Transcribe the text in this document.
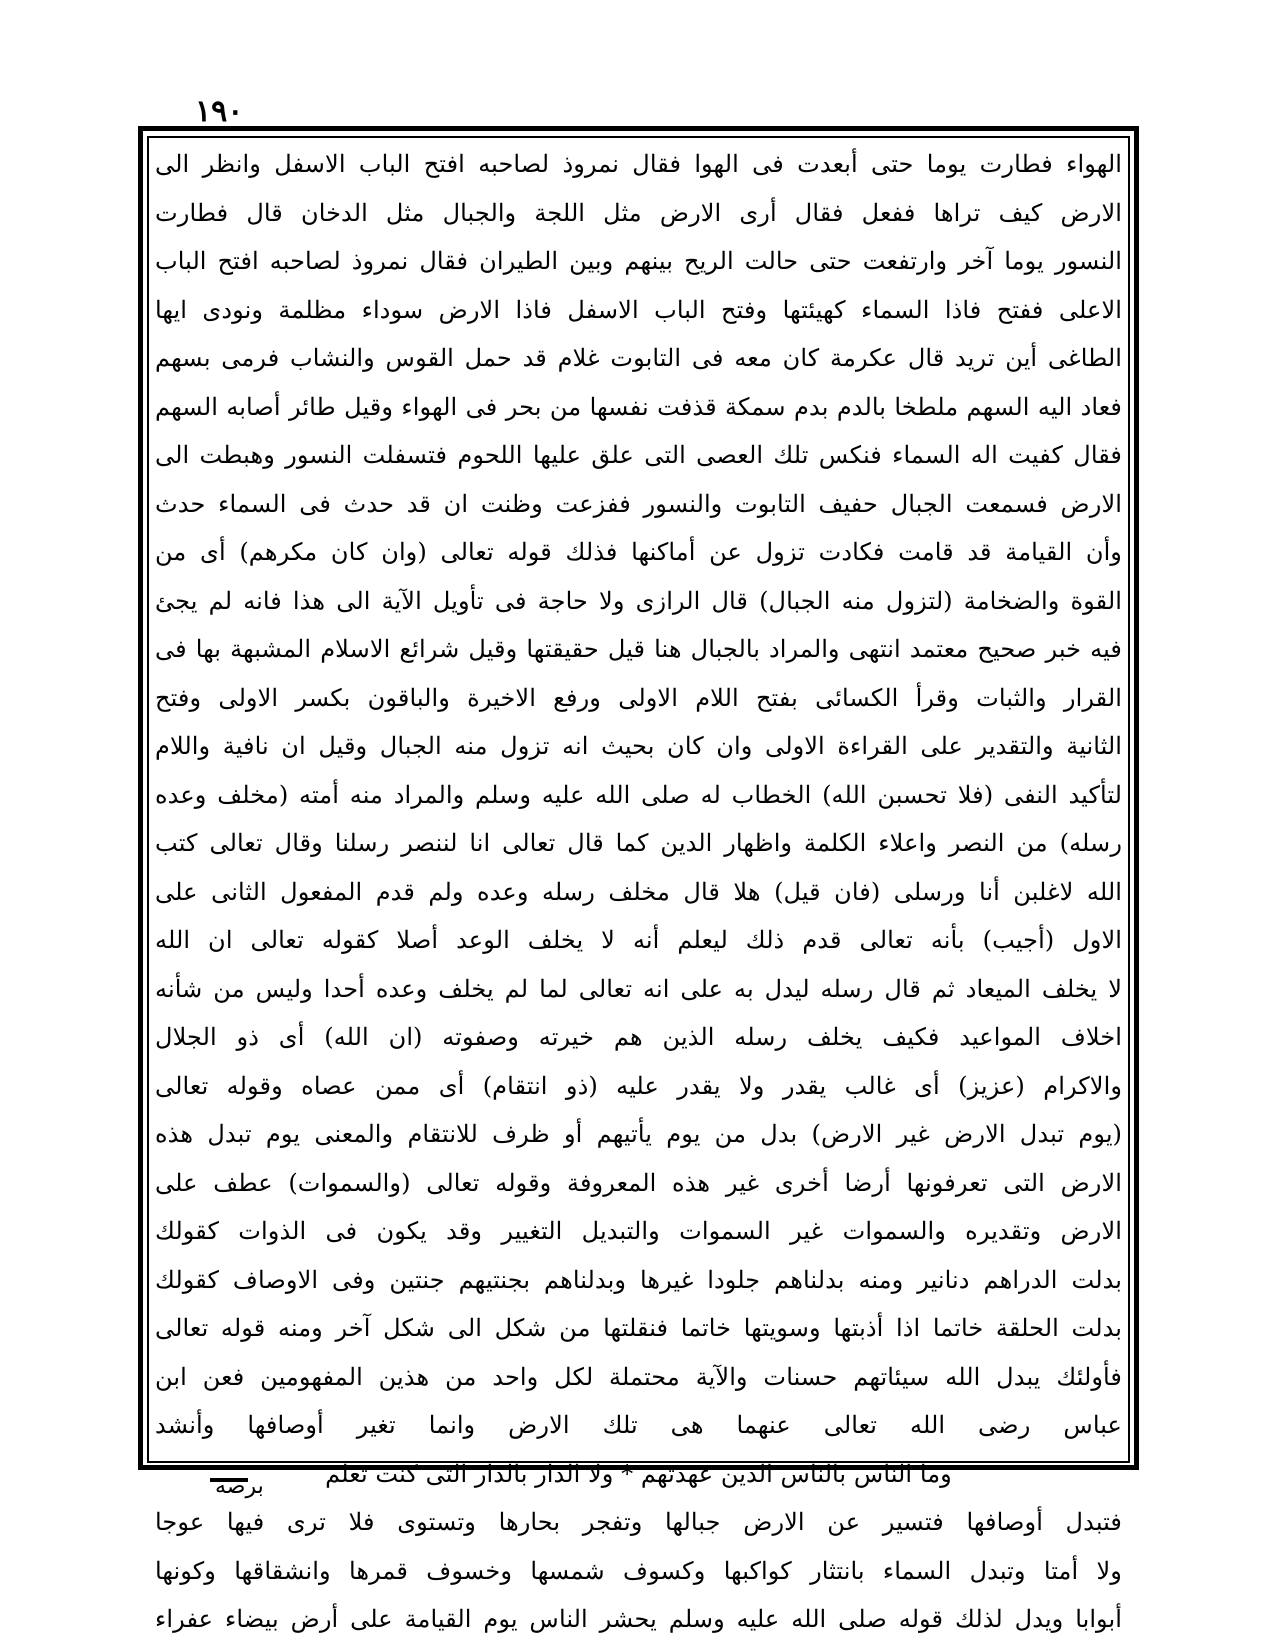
١٩٠
الهواء فطارت يوما حتى أبعدت فى الهوا فقال نمروذ لصاحبه افتح الباب الاسفل وانظر الى
الارض كيف تراها ففعل فقال أرى الارض مثل اللجة والجبال مثل الدخان قال فطارت
النسور يوما آخر وارتفعت حتى حالت الريح بينهم وبين الطيران فقال نمروذ لصاحبه افتح الباب
الاعلى ففتح فاذا السماء كهيئتها وفتح الباب الاسفل فاذا الارض سوداء مظلمة ونودى ايها
الطاغى أين تريد قال عكرمة كان معه فى التابوت غلام قد حمل القوس والنشاب فرمى بسهم
فعاد اليه السهم ملطخا بالدم بدم سمكة قذفت نفسها من بحر فى الهواء وقيل طائر أصابه السهم
فقال كفيت اله السماء فنكس تلك العصى التى علق عليها اللحوم فتسفلت النسور وهبطت الى
الارض فسمعت الجبال حفيف التابوت والنسور ففزعت وظنت ان قد حدث فى السماء حدث
وأن القيامة قد قامت فكادت تزول عن أماكنها فذلك قوله تعالى (وان كان مكرهم) أى من
القوة والضخامة (لتزول منه الجبال) قال الرازى ولا حاجة فى تأويل الآية الى هذا فانه لم يجئ
فيه خبر صحيح معتمد انتهى والمراد بالجبال هنا قيل حقيقتها وقيل شرائع الاسلام المشبهة بها فى
القرار والثبات وقرأ الكسائى بفتح اللام الاولى ورفع الاخيرة والباقون بكسر الاولى وفتح
الثانية والتقدير على القراءة الاولى وان كان بحيث انه تزول منه الجبال وقيل ان نافية واللام
لتأكيد النفى (فلا تحسبن الله) الخطاب له صلى الله عليه وسلم والمراد منه أمته (مخلف وعده
رسله) من النصر واعلاء الكلمة واظهار الدين كما قال تعالى انا لننصر رسلنا وقال تعالى كتب
الله لاغلبن أنا ورسلى (فان قيل) هلا قال مخلف رسله وعده ولم قدم المفعول الثانى على
الاول (أجيب) بأنه تعالى قدم ذلك ليعلم أنه لا يخلف الوعد أصلا كقوله تعالى ان الله
لا يخلف الميعاد ثم قال رسله ليدل به على انه تعالى لما لم يخلف وعده أحدا وليس من شأنه
اخلاف المواعيد فكيف يخلف رسله الذين هم خيرته وصفوته (ان الله) أى ذو الجلال
والاكرام (عزيز) أى غالب يقدر ولا يقدر عليه (ذو انتقام) أى ممن عصاه وقوله تعالى
(يوم تبدل الارض غير الارض) بدل من يوم يأتيهم أو ظرف للانتقام والمعنى يوم تبدل هذه
الارض التى تعرفونها أرضا أخرى غير هذه المعروفة وقوله تعالى (والسموات) عطف على
الارض وتقديره والسموات غير السموات والتبديل التغيير وقد يكون فى الذوات كقولك
بدلت الدراهم دنانير ومنه بدلناهم جلودا غيرها وبدلناهم بجنتيهم جنتين وفى الاوصاف كقولك
بدلت الحلقة خاتما اذا أذبتها وسويتها خاتما فنقلتها من شكل الى شكل آخر ومنه قوله تعالى
فأولئك يبدل الله سيئاتهم حسنات والآية محتملة لكل واحد من هذين المفهومين فعن ابن
عباس رضى الله تعالى عنهما هى تلك الارض وانما تغير أوصافها وأنشد
وما الناس بالناس الذين عهدتهم * ولا الدار بالدار التى كنت تعلم
فتبدل أوصافها فتسير عن الارض جبالها وتفجر بحارها وتستوى فلا ترى فيها عوجا
ولا أمتا وتبدل السماء بانتثار كواكبها وكسوف شمسها وخسوف قمرها وانشقاقها وكونها
أبوابا ويدل لذلك قوله صلى الله عليه وسلم يحشر الناس يوم القيامة على أرض بيضاء عفراء
برصه
